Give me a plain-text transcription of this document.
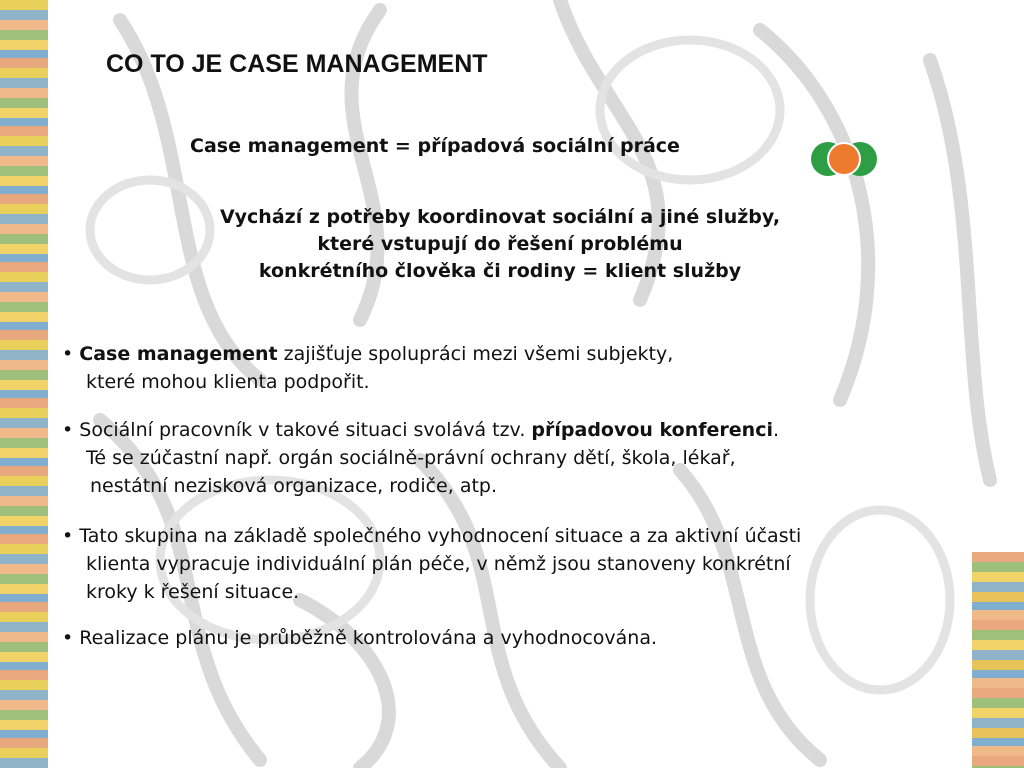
CO TO JE CASE MANAGEMENT
Case management = případová sociální práce
Vychází z potřeby koordinovat sociální a jiné služby,
které vstupují do řešení problému
konkrétního člověka či rodiny = klient služby
• Case management zajišťuje spolupráci mezi všemi subjekty,
které mohou klienta podpořit.
• Sociální pracovník v takové situaci svolává tzv. případovou konferenci.
Té se zúčastní např. orgán sociálně-právní ochrany dětí, škola, lékař,
nestátní nezisková organizace, rodiče, atp.
• Tato skupina na základě společného vyhodnocení situace a za aktivní účasti
klienta vypracuje individuální plán péče, v němž jsou stanoveny konkrétní
kroky k řešení situace.
• Realizace plánu je průběžně kontrolována a vyhodnocována.
